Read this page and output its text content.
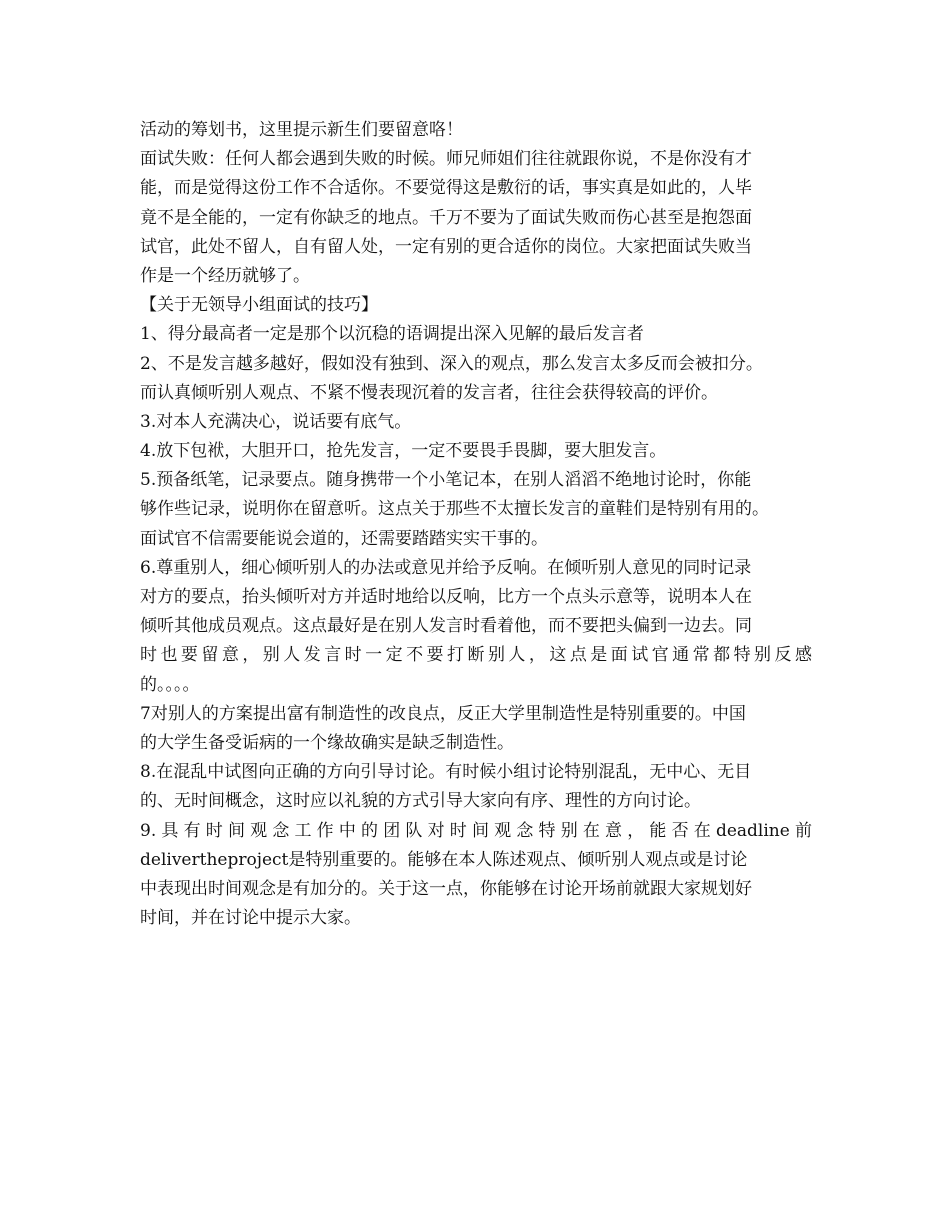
活动的筹划书，这里提示新生们要留意咯！
面试失败：任何人都会遇到失败的时候。师兄师姐们往往就跟你说，不是你没有才
能，而是觉得这份工作不合适你。不要觉得这是敷衍的话，事实真是如此的，人毕
竟不是全能的，一定有你缺乏的地点。千万不要为了面试失败而伤心甚至是抱怨面
试官，此处不留人，自有留人处，一定有别的更合适你的岗位。大家把面试失败当
作是一个经历就够了。
【关于无领导小组面试的技巧】
1、得分最高者一定是那个以沉稳的语调提出深入见解的最后发言者
2、不是发言越多越好，假如没有独到、深入的观点，那么发言太多反而会被扣分。
而认真倾听别人观点、不紧不慢表现沉着的发言者，往往会获得较高的评价。
3.对本人充满决心，说话要有底气。
4.放下包袱，大胆开口，抢先发言，一定不要畏手畏脚，要大胆发言。
5.预备纸笔，记录要点。随身携带一个小笔记本，在别人滔滔不绝地讨论时，你能
够作些记录，说明你在留意听。这点关于那些不太擅长发言的童鞋们是特别有用的。
面试官不信需要能说会道的，还需要踏踏实实干事的。
6.尊重别人，细心倾听别人的办法或意见并给予反响。在倾听别人意见的同时记录
对方的要点，抬头倾听对方并适时地给以反响，比方一个点头示意等，说明本人在
倾听其他成员观点。这点最好是在别人发言时看着他，而不要把头偏到一边去。同
时也要留意，别人发言时一定不要打断别人，这点是面试官通常都特别反感
的。。。。
7对别人的方案提出富有制造性的改良点，反正大学里制造性是特别重要的。中国
的大学生备受诟病的一个缘故确实是缺乏制造性。
8.在混乱中试图向正确的方向引导讨论。有时候小组讨论特别混乱，无中心、无目
的、无时间概念，这时应以礼貌的方式引导大家向有序、理性的方向讨论。
9.具有时间观念工作中的团队对时间观念特别在意，能否在deadline前
delivertheproject是特别重要的。能够在本人陈述观点、倾听别人观点或是讨论
中表现出时间观念是有加分的。关于这一点，你能够在讨论开场前就跟大家规划好
时间，并在讨论中提示大家。
